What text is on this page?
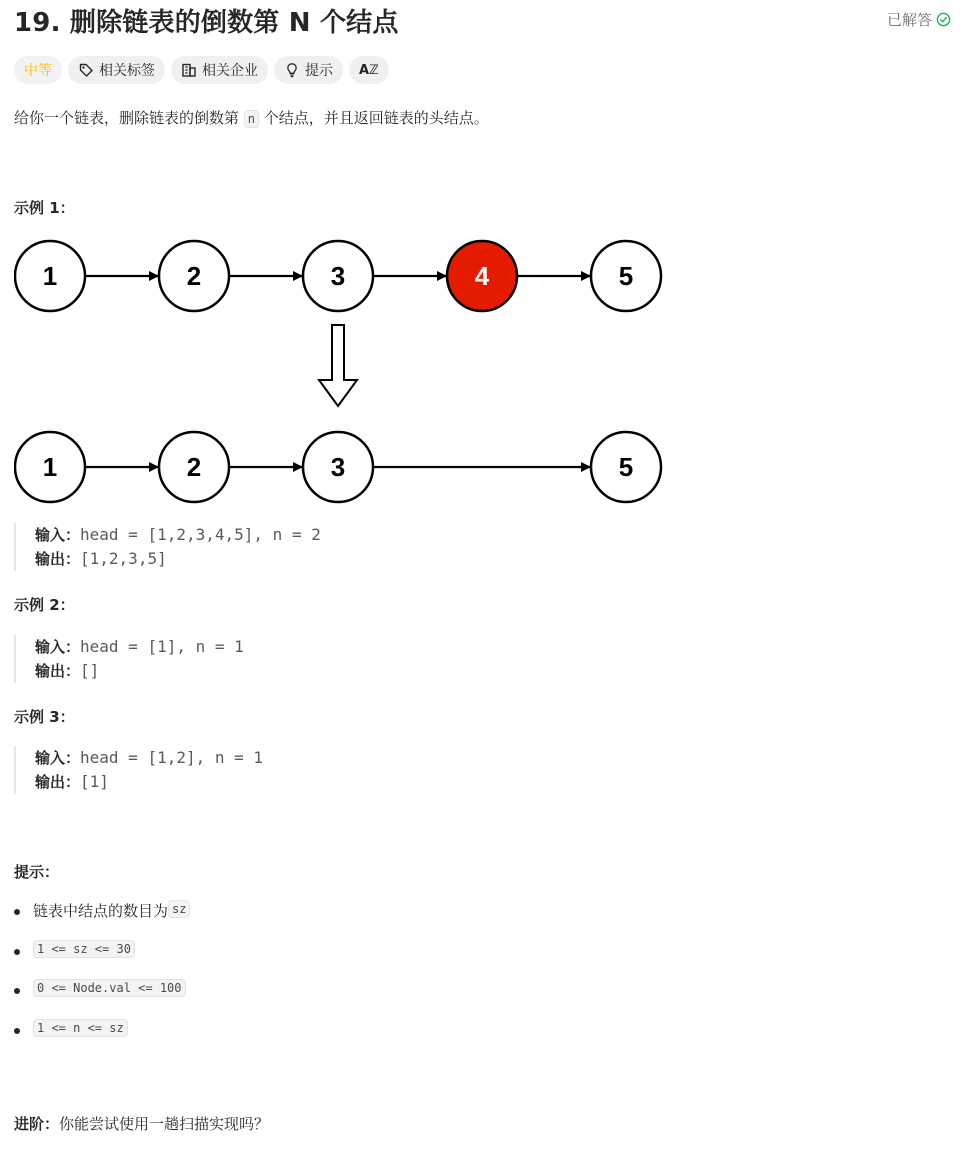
19. 删除链表的倒数第 N 个结点	已解答
中等	相关标签	相关企业	提示 Aℤ
给你一个链表，删除链表的倒数第 n 个结点，并且返回链表的头结点。
示例 1：
1	2	3	4	5
1	2	3	5
输入：head = [1,2,3,4,5], n = 2
输出：[1,2,3,5]
示例 2：
输入：head = [1], n = 1
输出：[]
示例 3：
输入：head = [1,2], n = 1
输出：[1]
提示：
链表中结点的数目为 sz
1 <= sz <= 30
0 <= Node.val <= 100
1 <= n <= sz
进阶：你能尝试使用一趟扫描实现吗？
